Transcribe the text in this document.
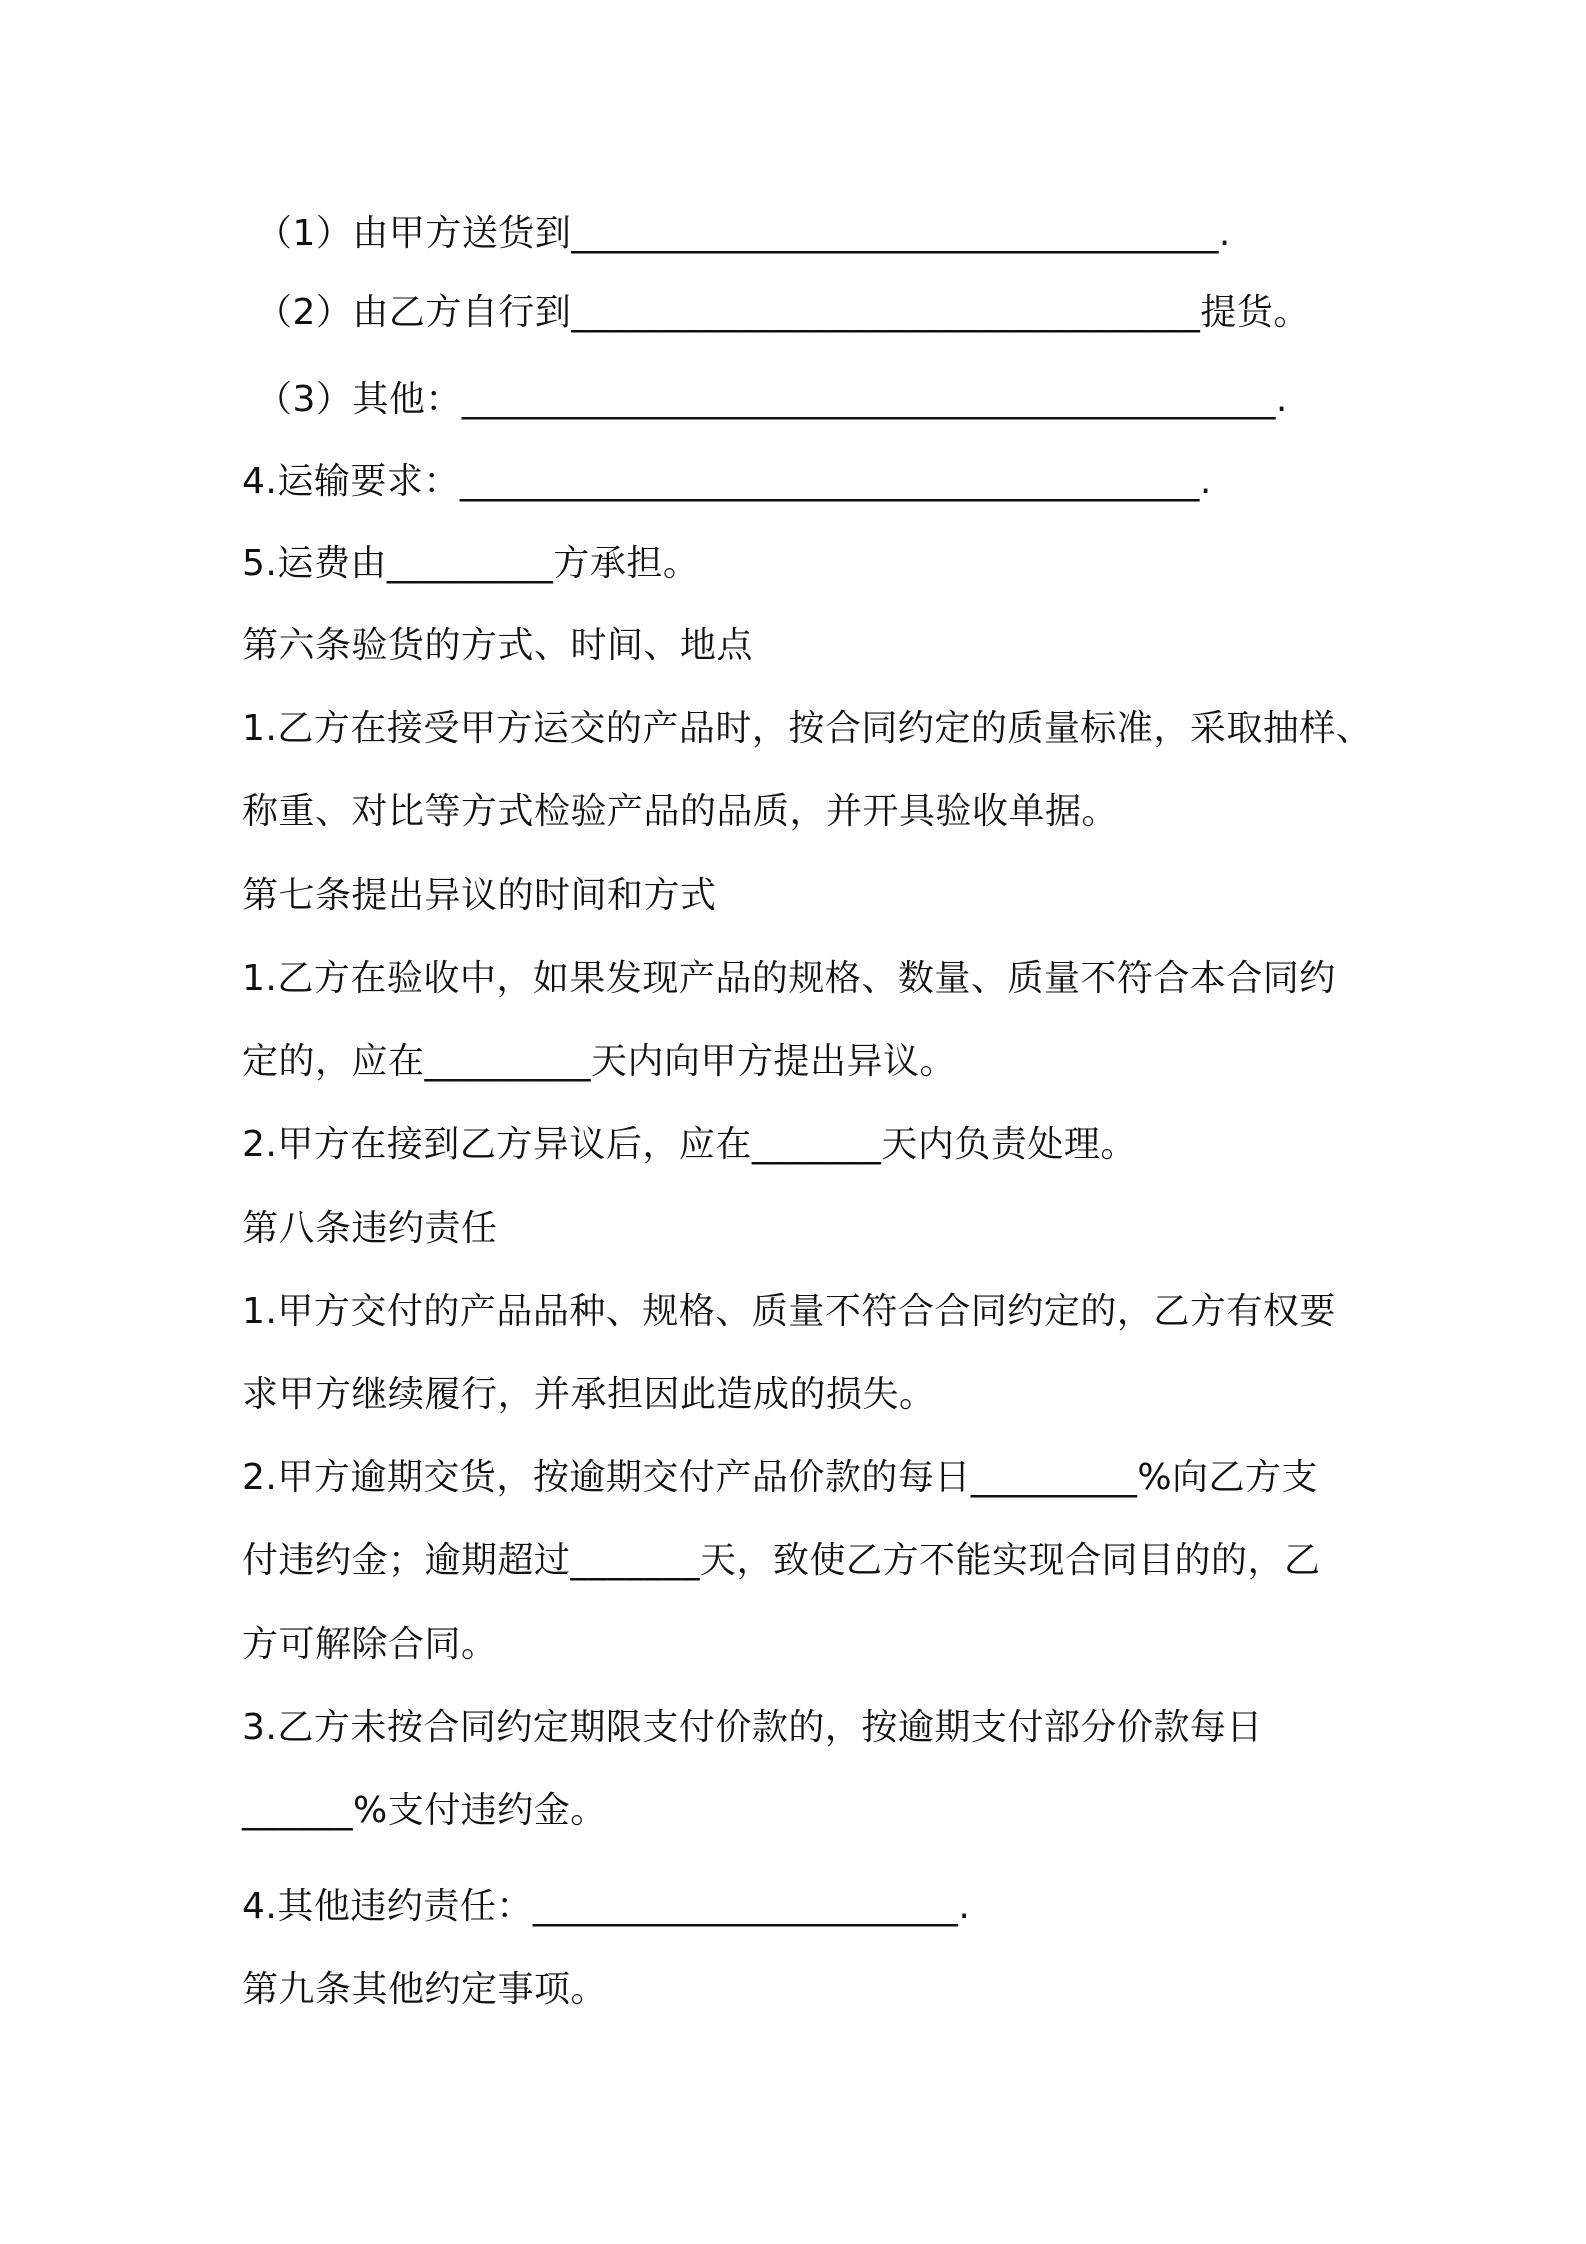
（1）由甲方送货到___________________________________.
（2）由乙方自行到__________________________________提货。
（3）其他：____________________________________________.
4.运输要求：________________________________________.
5.运费由_________方承担。
第六条验货的方式、时间、地点
1.乙方在接受甲方运交的产品时，按合同约定的质量标准，采取抽样、
称重、对比等方式检验产品的品质，并开具验收单据。
第七条提出异议的时间和方式
1.乙方在验收中，如果发现产品的规格、数量、质量不符合本合同约
定的，应在_________天内向甲方提出异议。
2.甲方在接到乙方异议后，应在_______天内负责处理。
第八条违约责任
1.甲方交付的产品品种、规格、质量不符合合同约定的，乙方有权要
求甲方继续履行，并承担因此造成的损失。
2.甲方逾期交货，按逾期交付产品价款的每日_________%向乙方支
付违约金；逾期超过_______天，致使乙方不能实现合同目的的，乙
方可解除合同。
3.乙方未按合同约定期限支付价款的，按逾期支付部分价款每日
______%支付违约金。
4.其他违约责任：_______________________.
第九条其他约定事项。
